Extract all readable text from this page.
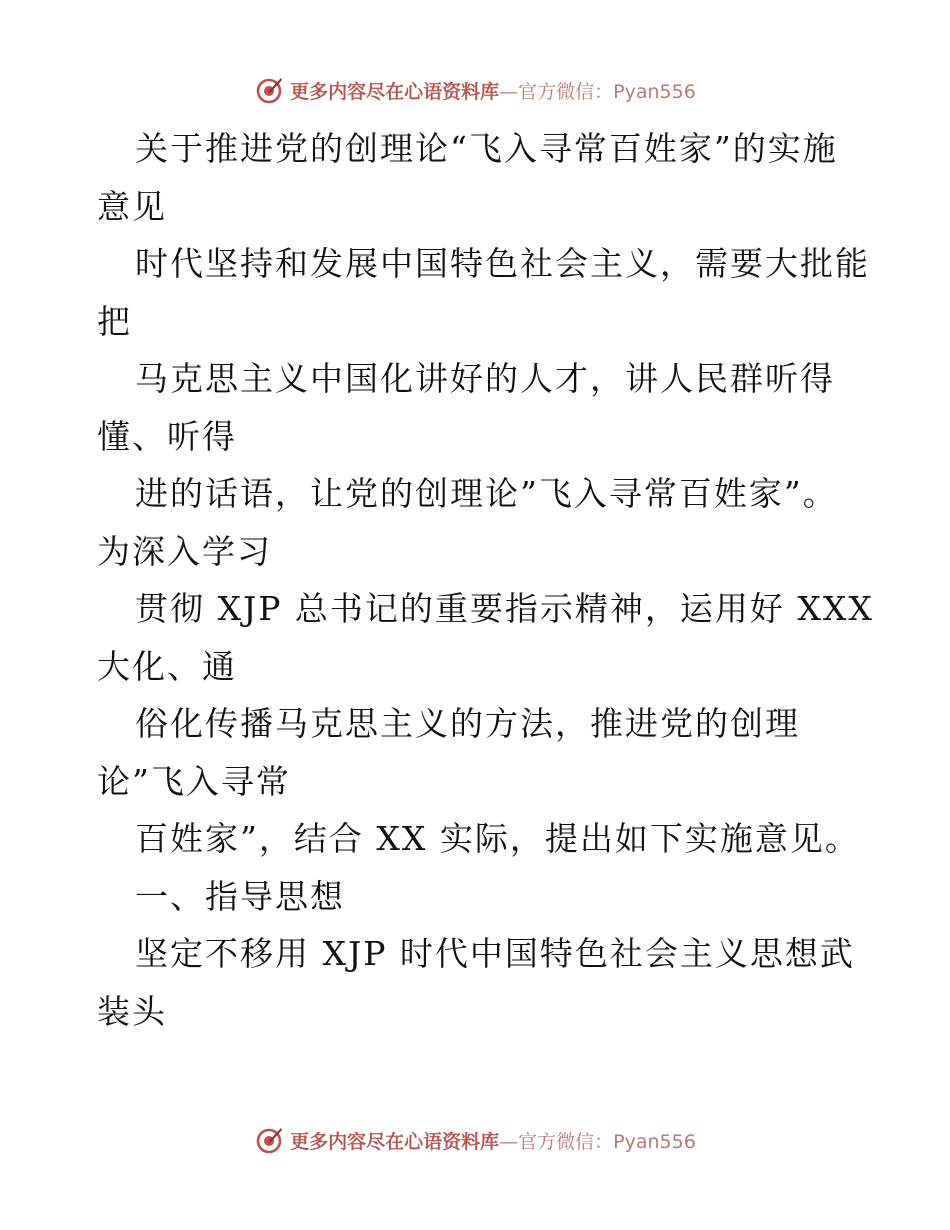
更多内容尽在心语资料库—官方微信：Pyan556
关于推进党的创理论“飞入寻常百姓家”的实施
意见
时代坚持和发展中国特色社会主义，需要大批能
把
马克思主义中国化讲好的人才，讲人民群听得
懂、听得
进的话语，让党的创理论”飞入寻常百姓家”。
为深入学习
贯彻 XJP 总书记的重要指示精神，运用好 XXX
大化、通
俗化传播马克思主义的方法，推进党的创理
论”飞入寻常
百姓家”，结合 XX 实际，提出如下实施意见。
一、指导思想
坚定不移用 XJP 时代中国特色社会主义思想武
装头
更多内容尽在心语资料库—官方微信：Pyan556
